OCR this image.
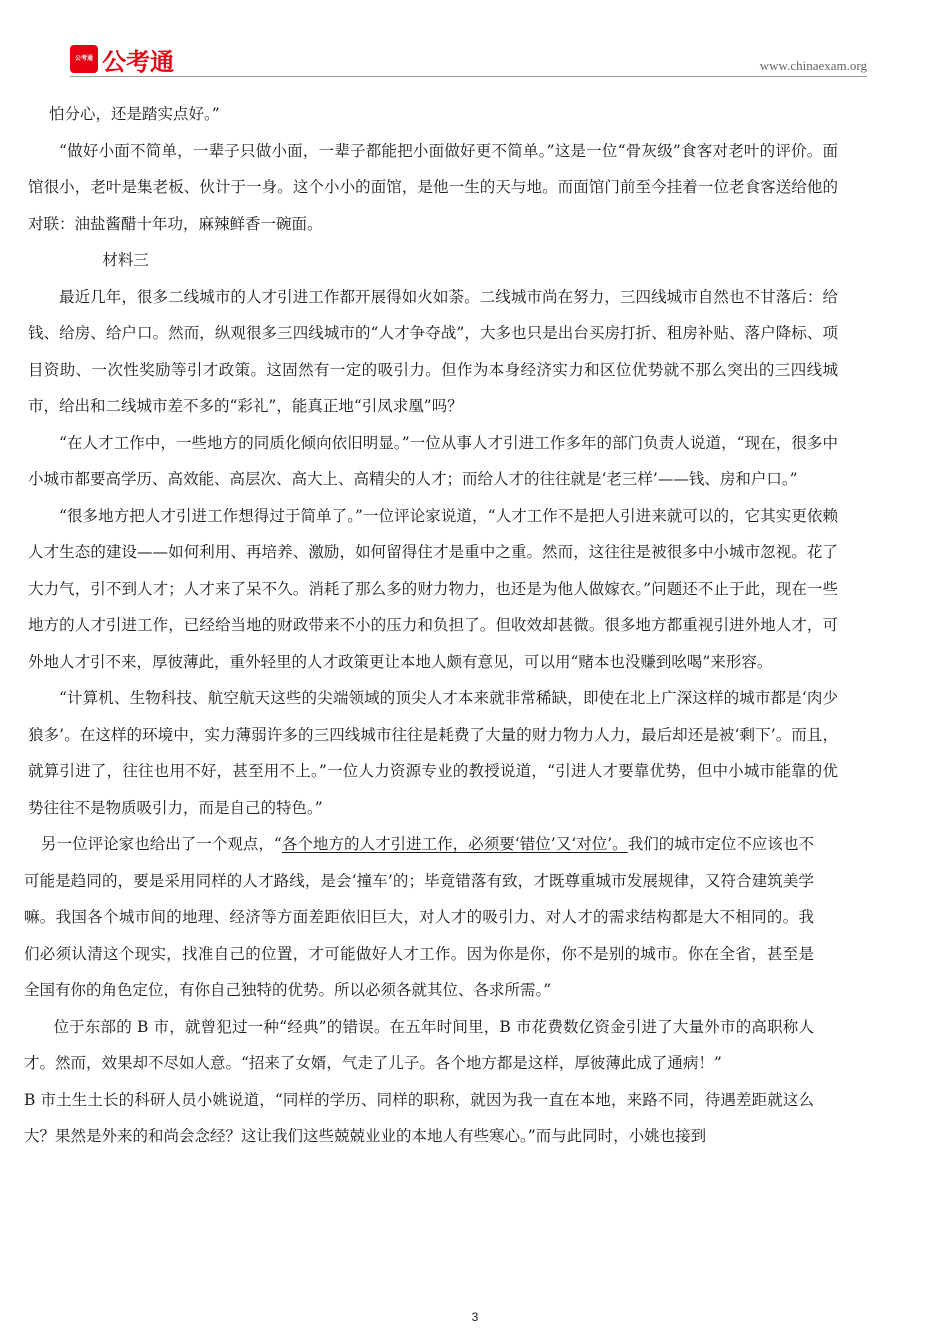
公考通 公考通	www.chinaexam.org

怕分心，还是踏实点好。”

“做好小面不简单，一辈子只做小面，一辈子都能把小面做好更不简单。”这是一位“骨灰级”食客对老叶的评价。面馆很小，老叶是集老板、伙计于一身。这个小小的面馆，是他一生的天与地。而面馆门前至今挂着一位老食客送给他的对联：油盐酱醋十年功，麻辣鲜香一碗面。

材料三

最近几年，很多二线城市的人才引进工作都开展得如火如荼。二线城市尚在努力，三四线城市自然也不甘落后：给钱、给房、给户口。然而，纵观很多三四线城市的“人才争夺战”，大多也只是出台买房打折、租房补贴、落户降标、项目资助、一次性奖励等引才政策。这固然有一定的吸引力。但作为本身经济实力和区位优势就不那么突出的三四线城市，给出和二线城市差不多的“彩礼”，能真正地“引凤求凰”吗？

“在人才工作中，一些地方的同质化倾向依旧明显。”一位从事人才引进工作多年的部门负责人说道，“现在，很多中小城市都要高学历、高效能、高层次、高大上、高精尖的人才；而给人才的往往就是‘老三样’——钱、房和户口。”

“很多地方把人才引进工作想得过于简单了。”一位评论家说道，“人才工作不是把人引进来就可以的，它其实更依赖人才生态的建设——如何利用、再培养、激励，如何留得住才是重中之重。然而，这往往是被很多中小城市忽视。花了大力气，引不到人才；人才来了呆不久。消耗了那么多的财力物力，也还是为他人做嫁衣。”问题还不止于此，现在一些地方的人才引进工作，已经给当地的财政带来不小的压力和负担了。但收效却甚微。很多地方都重视引进外地人才，可外地人才引不来，厚彼薄此，重外轻里的人才政策更让本地人颇有意见，可以用“赌本也没赚到吆喝”来形容。

“计算机、生物科技、航空航天这些的尖端领域的顶尖人才本来就非常稀缺，即使在北上广深这样的城市都是‘肉少狼多’。在这样的环境中，实力薄弱许多的三四线城市往往是耗费了大量的财力物力人力，最后却还是被‘剩下’。而且，就算引进了，往往也用不好，甚至用不上。”一位人力资源专业的教授说道，“引进人才要靠优势，但中小城市能靠的优势往往不是物质吸引力，而是自己的特色。”

另一位评论家也给出了一个观点，“各个地方的人才引进工作，必须要‘错位’又‘对位’。我们的城市定位不应该也不可能是趋同的，要是采用同样的人才路线，是会‘撞车’的；毕竟错落有致，才既尊重城市发展规律，又符合建筑美学嘛。我国各个城市间的地理、经济等方面差距依旧巨大，对人才的吸引力、对人才的需求结构都是大不相同的。我们必须认清这个现实，找准自己的位置，才可能做好人才工作。因为你是你，你不是别的城市。你在全省，甚至是全国有你的角色定位，有你自己独特的优势。所以必须各就其位、各求所需。”

位于东部的 B 市，就曾犯过一种“经典”的错误。在五年时间里，B 市花费数亿资金引进了大量外市的高职称人才。然而，效果却不尽如人意。“招来了女婿，气走了儿子。各个地方都是这样，厚彼薄此成了通病！”
B 市土生土长的科研人员小姚说道，“同样的学历、同样的职称，就因为我一直在本地，来路不同，待遇差距就这么大？果然是外来的和尚会念经？这让我们这些兢兢业业的本地人有些寒心。”而与此同时，小姚也接到

3
